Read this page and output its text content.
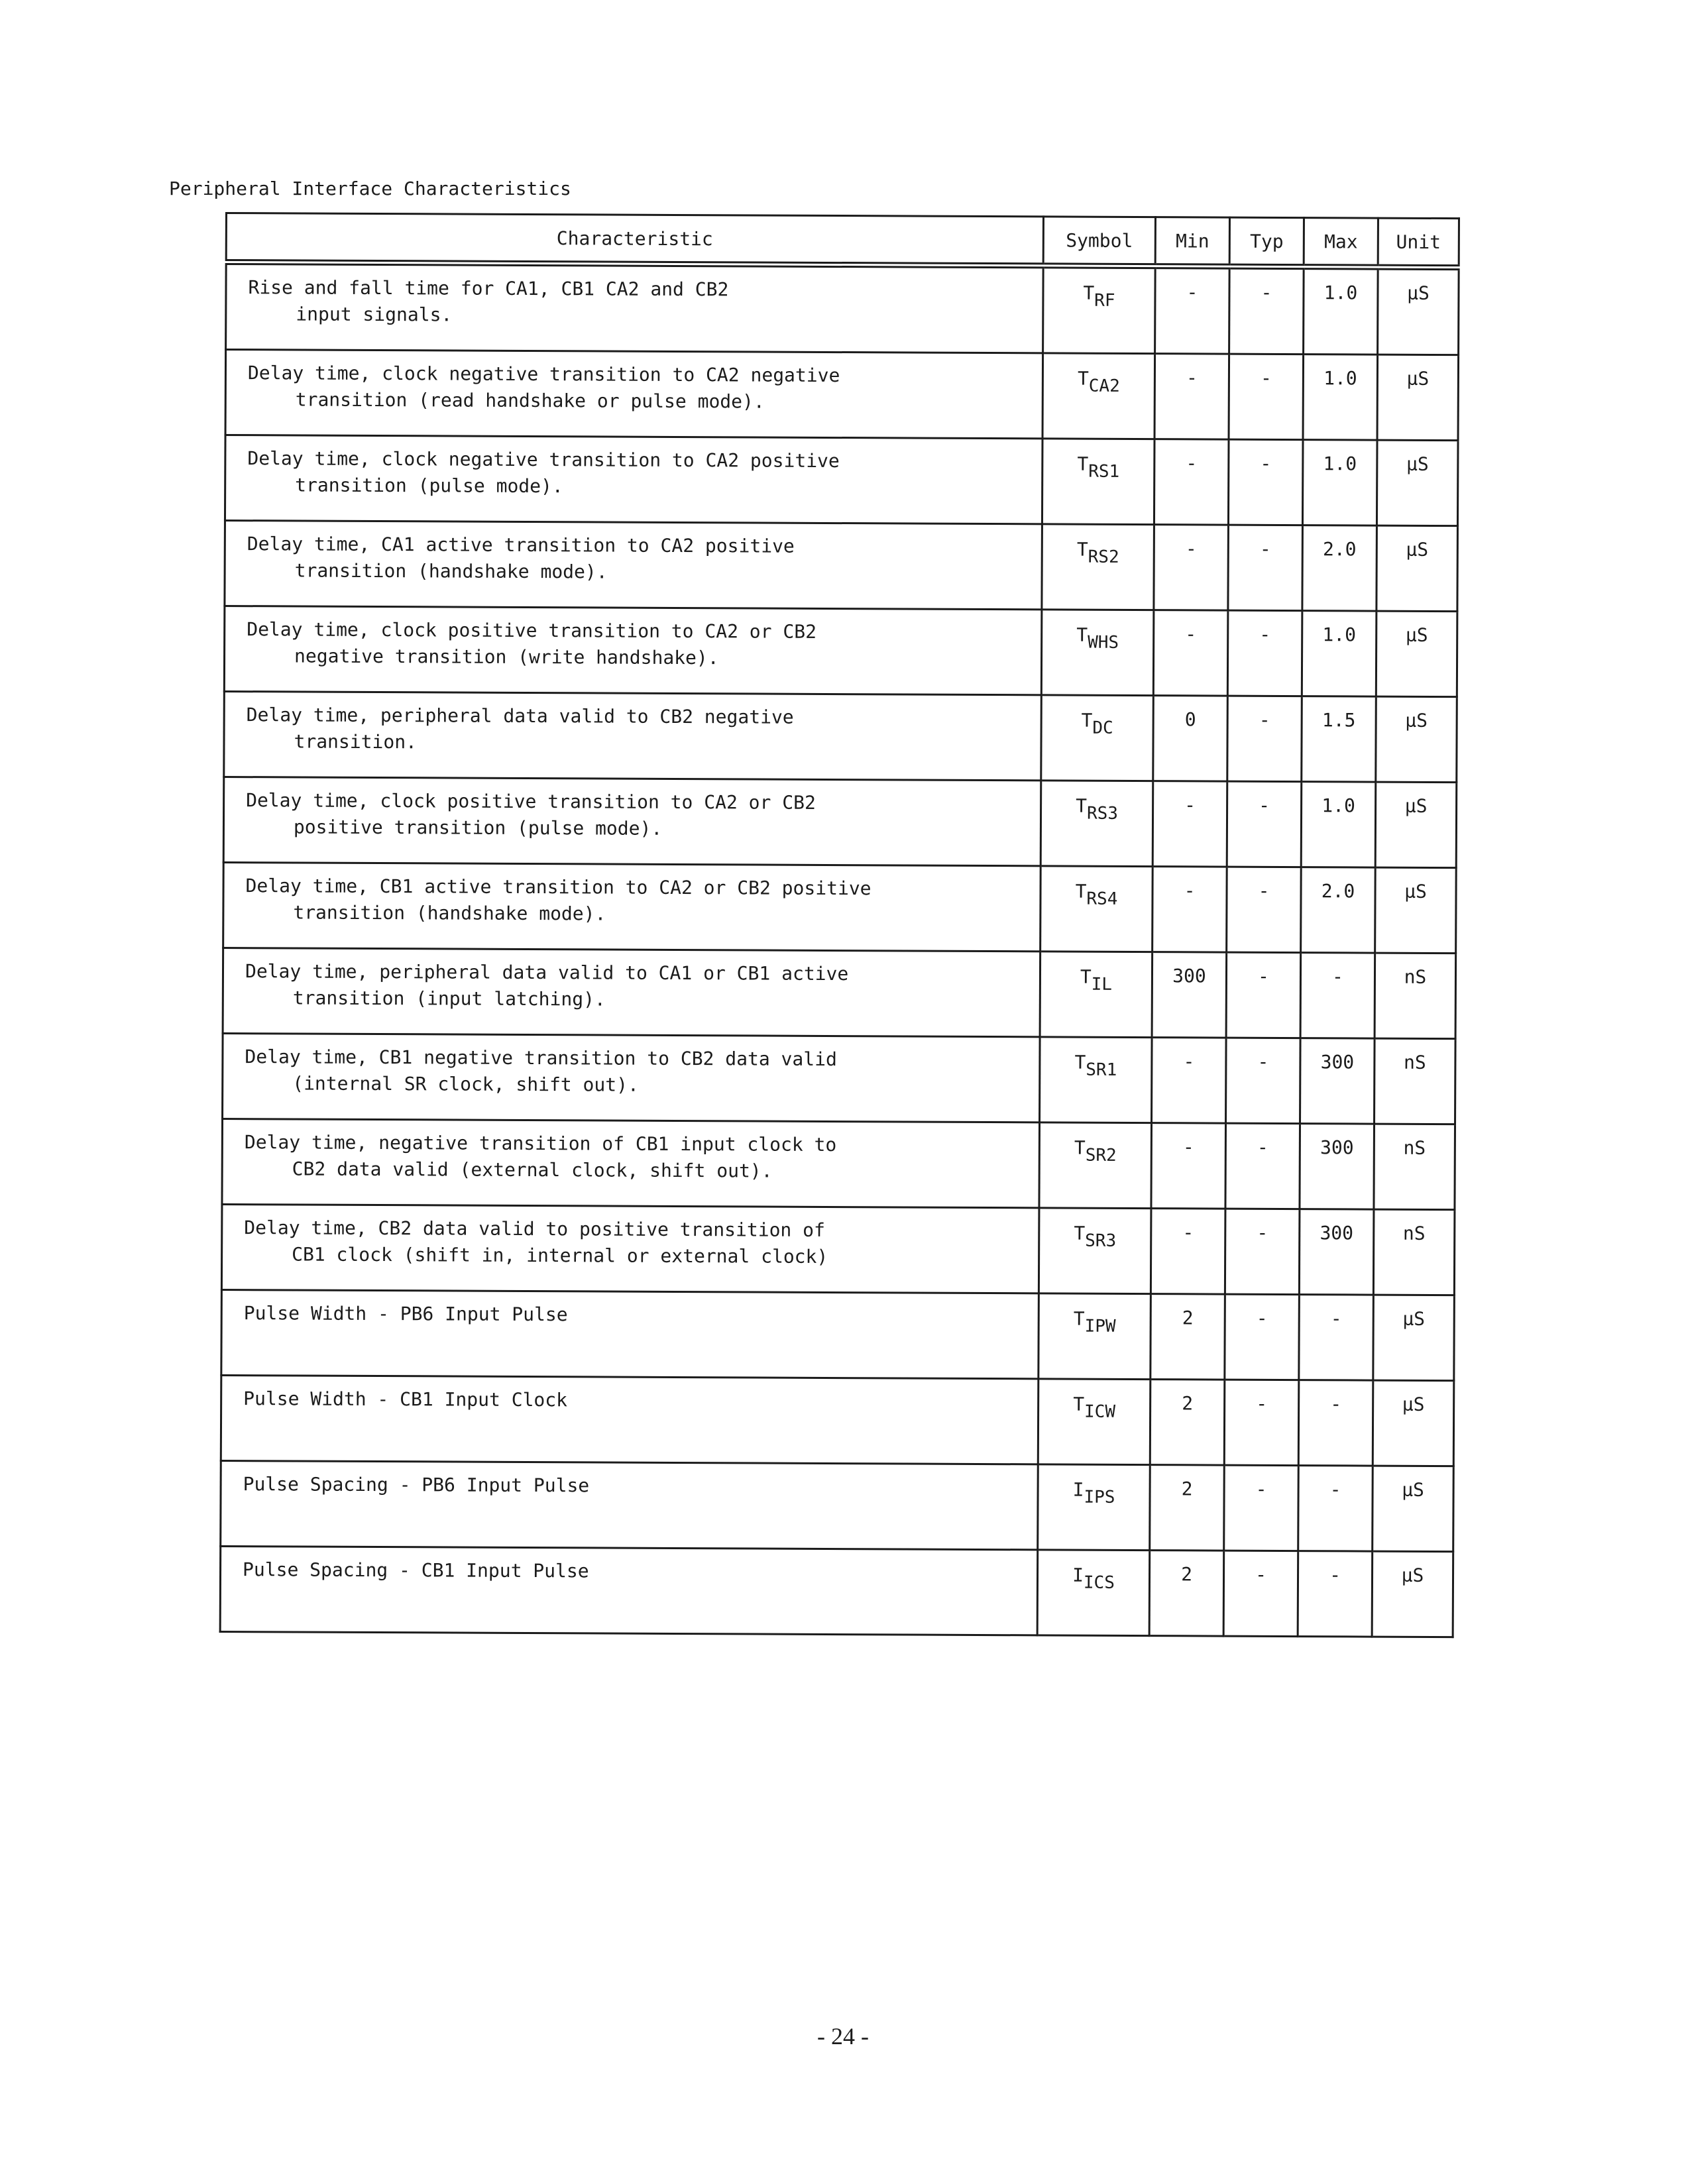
Peripheral Interface Characteristics
Characteristic	Symbol	Min	Typ	Max	Unit
Rise and fall time for CA1, CB1 CA2 and CB2
input signals.	$T_{RF}$	-	-	1.0	µS
Delay time, clock negative transition to CA2 negative
transition (read handshake or pulse mode).	$T_{CA2}$	-	-	1.0	µS
Delay time, clock negative transition to CA2 positive
transition (pulse mode).	$T_{RS1}$	-	-	1.0	µS
Delay time, CA1 active transition to CA2 positive
transition (handshake mode).	$T_{RS2}$	-	-	2.0	µS
Delay time, clock positive transition to CA2 or CB2
negative transition (write handshake).	$T_{WHS}$	-	-	1.0	µS
Delay time, peripheral data valid to CB2 negative
transition.	$T_{DC}$	0	-	1.5	µS
Delay time, clock positive transition to CA2 or CB2
positive transition (pulse mode).	$T_{RS3}$	-	-	1.0	µS
Delay time, CB1 active transition to CA2 or CB2 positive
transition (handshake mode).	$T_{RS4}$	-	-	2.0	µS
Delay time, peripheral data valid to CA1 or CB1 active
transition (input latching).	$T_{IL}$	300	-	-	nS
Delay time, CB1 negative transition to CB2 data valid
(internal SR clock, shift out).	$T_{SR1}$	-	-	300	nS
Delay time, negative transition of CB1 input clock to
CB2 data valid (external clock, shift out).	$T_{SR2}$	-	-	300	nS
Delay time, CB2 data valid to positive transition of
CB1 clock (shift in, internal or external clock)	$T_{SR3}$	-	-	300	nS
Pulse Width - PB6 Input Pulse	$T_{IPW}$	2	-	-	µS
Pulse Width - CB1 Input Clock	$T_{ICW}$	2	-	-	µS
Pulse Spacing - PB6 Input Pulse	$I_{IPS}$	2	-	-	µS
Pulse Spacing - CB1 Input Pulse	$I_{ICS}$	2	-	-	µS
- 24 -
